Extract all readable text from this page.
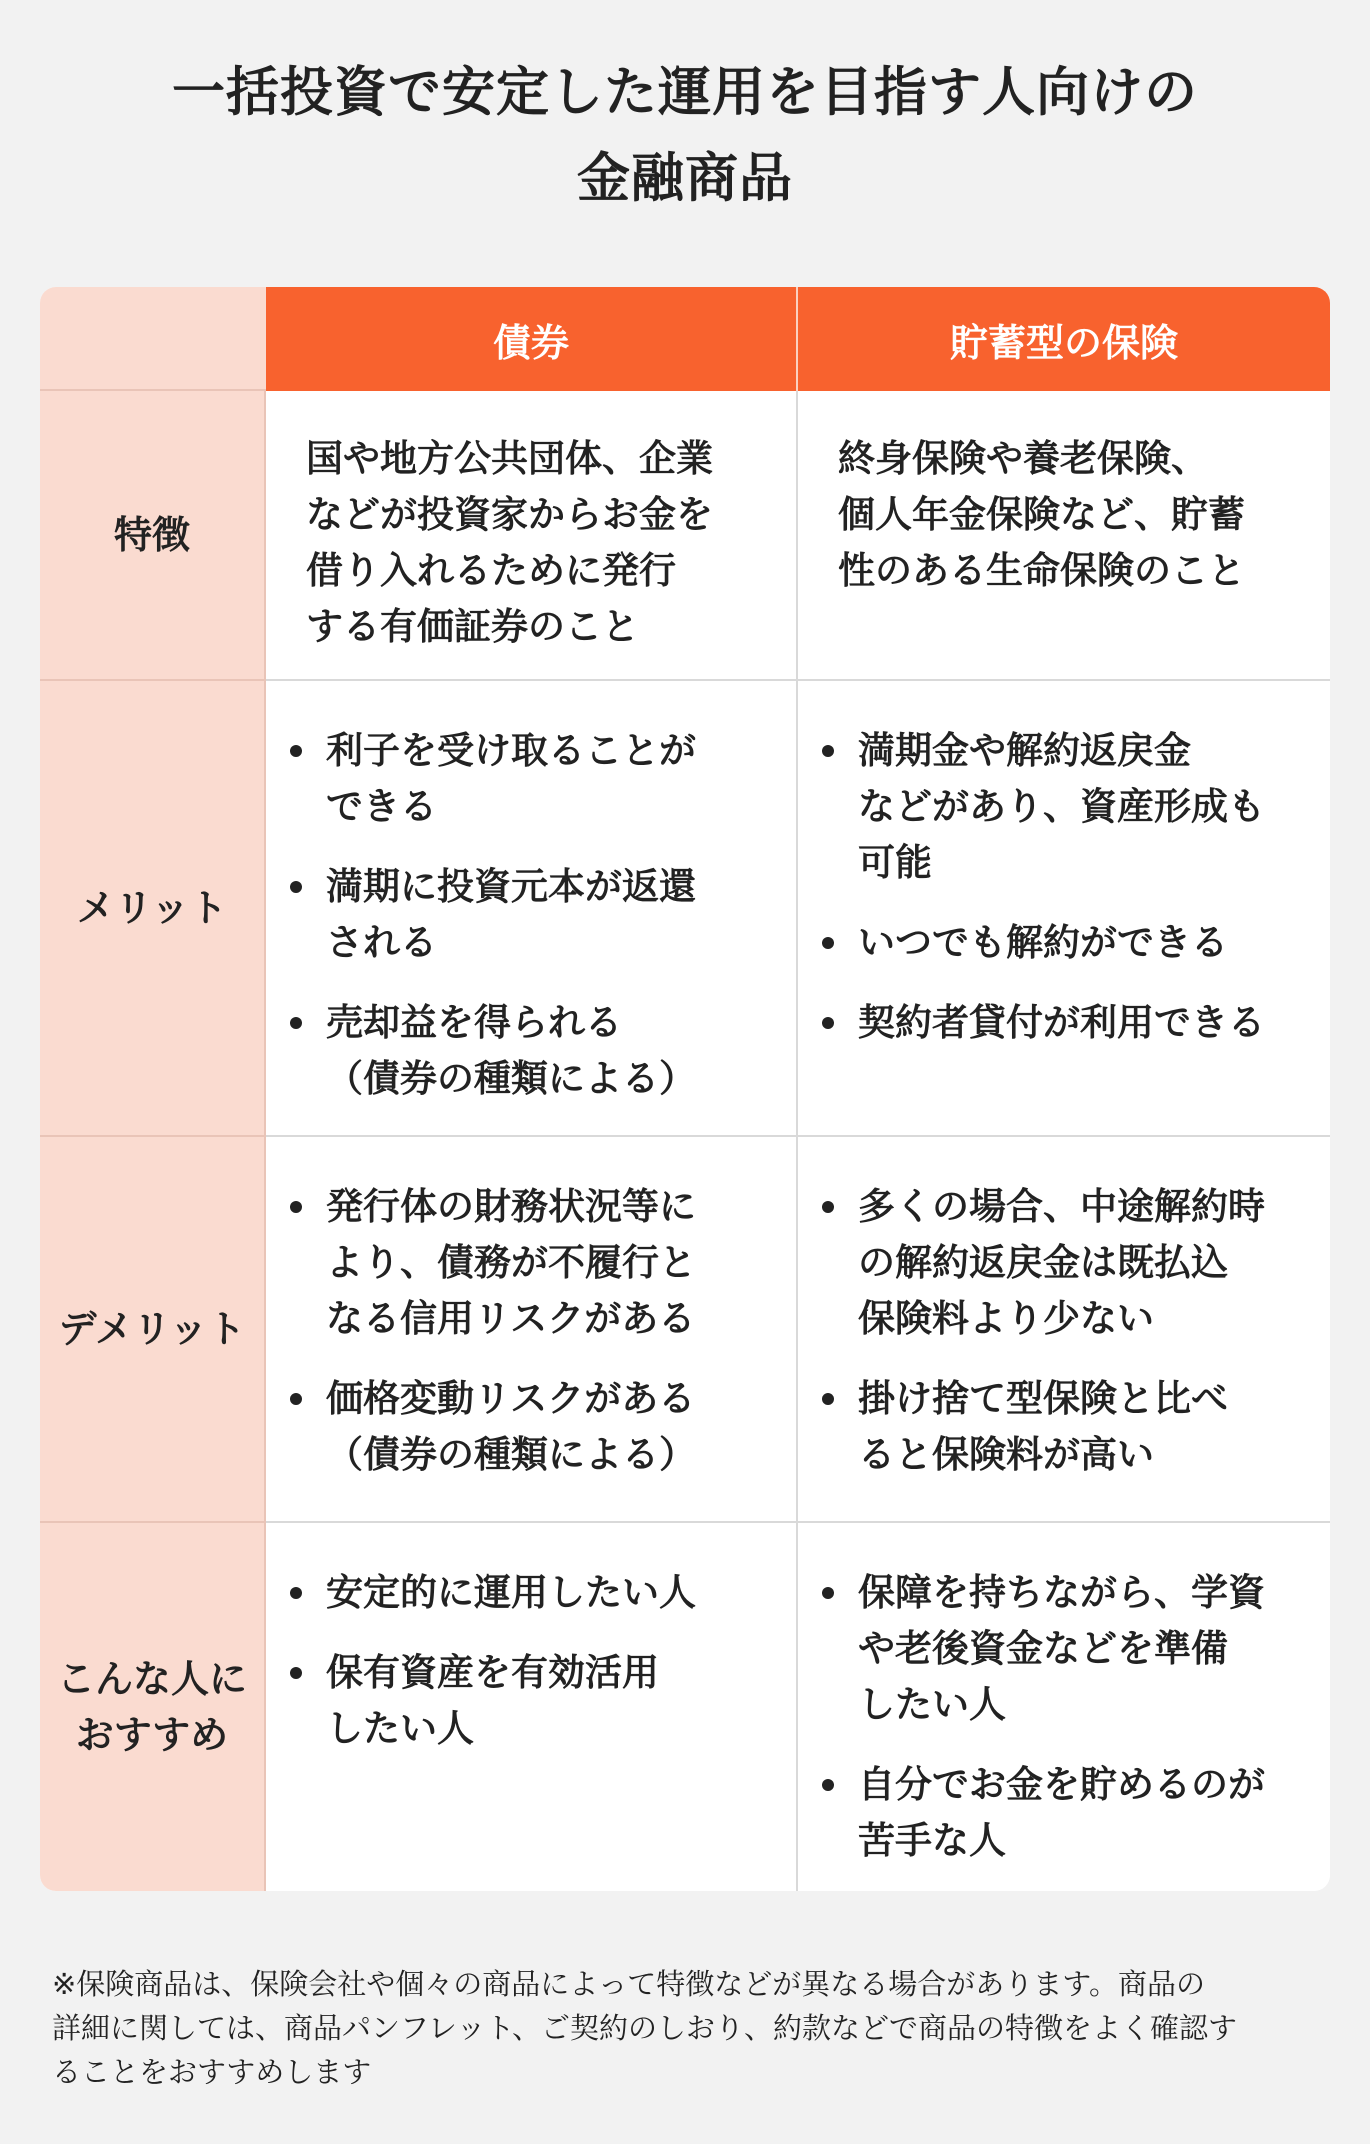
一括投資で安定した運用を目指す人向けの
金融商品
債券	貯蓄型の保険
特徴
国や地方公共団体、企業
などが投資家からお金を
借り入れるために発行
する有価証券のこと
終身保険や養老保険、
個人年金保険など、貯蓄
性のある生命保険のこと
メリット
利子を受け取ることが
できる
満期に投資元本が返還
される
売却益を得られる
（債券の種類による）
満期金や解約返戻金
などがあり、資産形成も
可能
いつでも解約ができる
契約者貸付が利用できる
デメリット
発行体の財務状況等に
より、債務が不履行と
なる信用リスクがある
価格変動リスクがある
（債券の種類による）
多くの場合、中途解約時
の解約返戻金は既払込
保険料より少ない
掛け捨て型保険と比べ
ると保険料が高い
こんな人に
おすすめ
安定的に運用したい人
保有資産を有効活用
したい人
保障を持ちながら、学資
や老後資金などを準備
したい人
自分でお金を貯めるのが
苦手な人
※保険商品は、保険会社や個々の商品によって特徴などが異なる場合があります。商品の
詳細に関しては、商品パンフレット、ご契約のしおり、約款などで商品の特徴をよく確認す
ることをおすすめします
